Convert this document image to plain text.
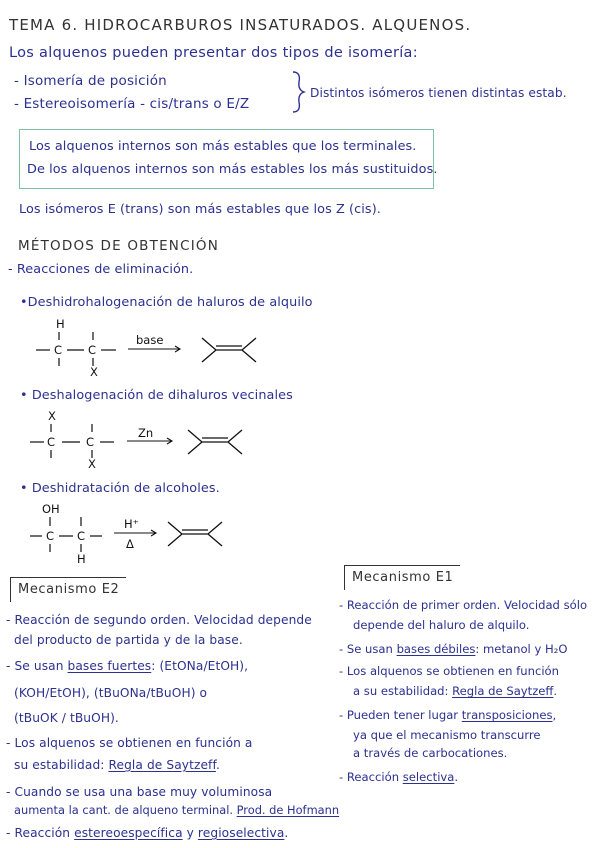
TEMA 6. HIDROCARBUROS INSATURADOS. ALQUENOS.
Los alquenos pueden presentar dos tipos de isomería:
- Isomería de posición
- Estereoisomería - cis/trans o E/Z
Distintos isómeros tienen distintas estab.
Los alquenos internos son más estables que los terminales.
De los alquenos internos son más estables los más sustituidos.
Los isómeros E (trans) son más estables que los Z (cis).
MÉTODOS DE OBTENCIÓN
- Reacciones de eliminación.
•Deshidrohalogenación de haluros de alquilo
H
C C
X
base
• Deshalogenación de dihaluros vecinales
X
C	C
X
Zn
• Deshidratación de alcoholes.
OH
C C
H
H⁺
Δ
Mecanismo E2
- Reacción de segundo orden. Velocidad depende
del producto de partida y de la base.
- Se usan bases fuertes: (EtONa/EtOH),
(KOH/EtOH), (tBuONa/tBuOH) o
(tBuOK / tBuOH).
- Los alquenos se obtienen en función a
su estabilidad: Regla de Saytzeff.
- Cuando se usa una base muy voluminosa
aumenta la cant. de alqueno terminal. Prod. de Hofmann
- Reacción estereoespecífica y regioselectiva.
Mecanismo E1
- Reacción de primer orden. Velocidad sólo
depende del haluro de alquilo.
- Se usan bases débiles: metanol y H₂O
- Los alquenos se obtienen en función
a su estabilidad: Regla de Saytzeff.
- Pueden tener lugar transposiciones,
ya que el mecanismo transcurre
a través de carbocationes.
- Reacción selectiva.
